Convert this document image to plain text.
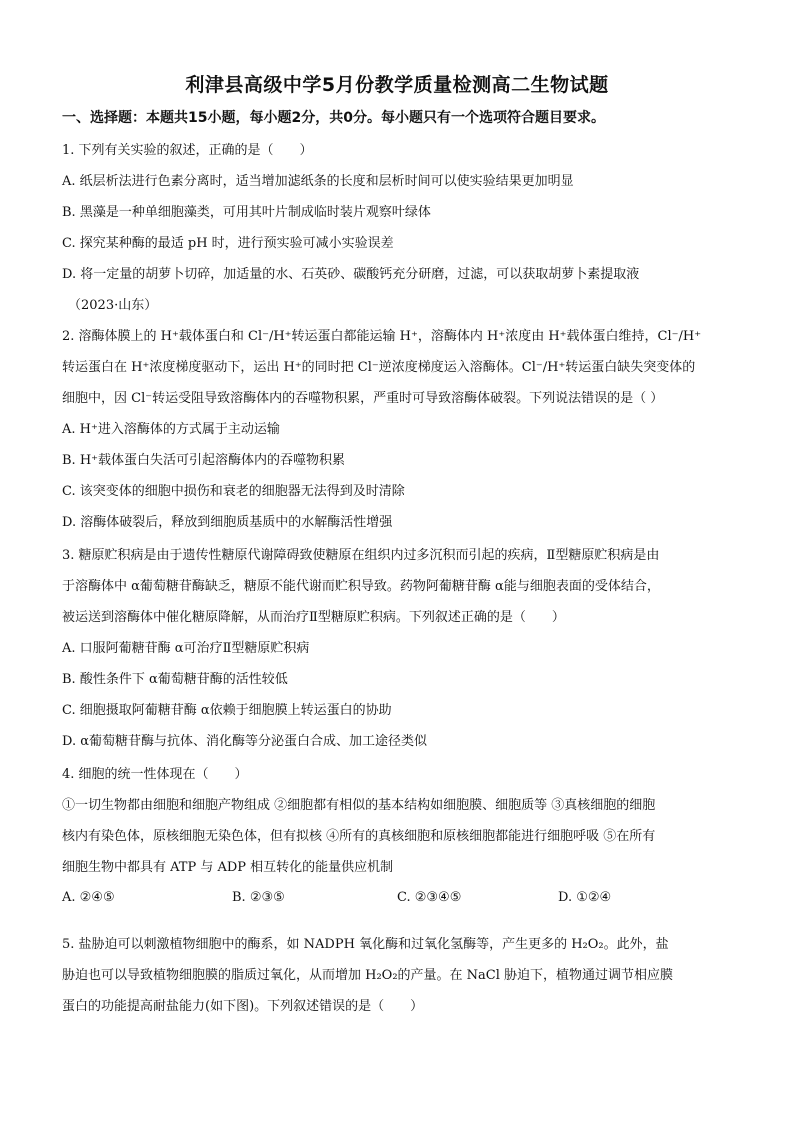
利津县高级中学5月份教学质量检测高二生物试题
一、选择题：本题共15小题，每小题2分，共0分。每小题只有一个选项符合题目要求。
1. 下列有关实验的叙述，正确的是（　　）
A. 纸层析法进行色素分离时，适当增加滤纸条的长度和层析时间可以使实验结果更加明显
B. 黑藻是一种单细胞藻类，可用其叶片制成临时装片观察叶绿体
C. 探究某种酶的最适 pH 时，进行预实验可减小实验误差
D. 将一定量的胡萝卜切碎，加适量的水、石英砂、碳酸钙充分研磨，过滤，可以获取胡萝卜素提取液
（2023·山东）
2. 溶酶体膜上的 H⁺载体蛋白和 Cl⁻/H⁺转运蛋白都能运输 H⁺，溶酶体内 H⁺浓度由 H⁺载体蛋白维持，Cl⁻/H⁺
转运蛋白在 H⁺浓度梯度驱动下，运出 H⁺的同时把 Cl⁻逆浓度梯度运入溶酶体。Cl⁻/H⁺转运蛋白缺失突变体的
细胞中，因 Cl⁻转运受阻导致溶酶体内的吞噬物积累，严重时可导致溶酶体破裂。下列说法错误的是（ ）
A. H⁺进入溶酶体的方式属于主动运输
B. H⁺载体蛋白失活可引起溶酶体内的吞噬物积累
C. 该突变体的细胞中损伤和衰老的细胞器无法得到及时清除
D. 溶酶体破裂后，释放到细胞质基质中的水解酶活性增强
3. 糖原贮积病是由于遗传性糖原代谢障碍致使糖原在组织内过多沉积而引起的疾病，Ⅱ型糖原贮积病是由
于溶酶体中 α葡萄糖苷酶缺乏，糖原不能代谢而贮积导致。药物阿葡糖苷酶 α能与细胞表面的受体结合，
被运送到溶酶体中催化糖原降解，从而治疗Ⅱ型糖原贮积病。下列叙述正确的是（　　）
A. 口服阿葡糖苷酶 α可治疗Ⅱ型糖原贮积病
B. 酸性条件下 α葡萄糖苷酶的活性较低
C. 细胞摄取阿葡糖苷酶 α依赖于细胞膜上转运蛋白的协助
D. α葡萄糖苷酶与抗体、消化酶等分泌蛋白合成、加工途径类似
4. 细胞的统一性体现在（　　）
①一切生物都由细胞和细胞产物组成 ②细胞都有相似的基本结构如细胞膜、细胞质等 ③真核细胞的细胞
核内有染色体，原核细胞无染色体，但有拟核 ④所有的真核细胞和原核细胞都能进行细胞呼吸 ⑤在所有
细胞生物中都具有 ATP 与 ADP 相互转化的能量供应机制
A. ②④⑤	B. ②③⑤	C. ②③④⑤	D. ①②④
5. 盐胁迫可以刺激植物细胞中的酶系，如 NADPH 氧化酶和过氧化氢酶等，产生更多的 H₂O₂。此外，盐
胁迫也可以导致植物细胞膜的脂质过氧化，从而增加 H₂O₂的产量。在 NaCl 胁迫下，植物通过调节相应膜
蛋白的功能提高耐盐能力(如下图)。下列叙述错误的是（　　）
